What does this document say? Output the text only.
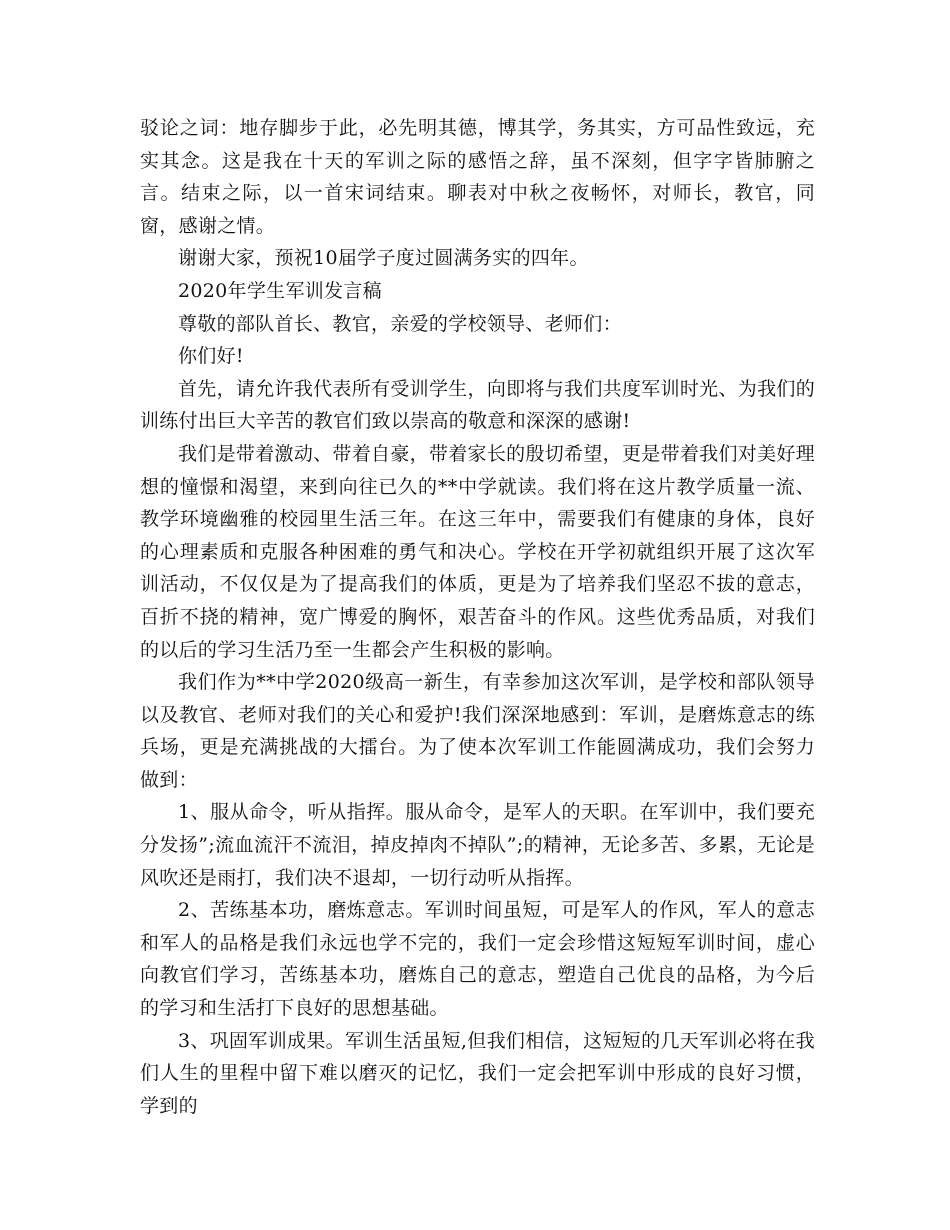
驳论之词：地存脚步于此，必先明其德，博其学，务其实，方可品性致远，充实其念。这是我在十天的军训之际的感悟之辞，虽不深刻，但字字皆肺腑之言。结束之际，以一首宋词结束。聊表对中秋之夜畅怀，对师长，教官，同窗，感谢之情。

谢谢大家，预祝10届学子度过圆满务实的四年。

2020年学生军训发言稿

尊敬的部队首长、教官，亲爱的学校领导、老师们：

你们好!

首先，请允许我代表所有受训学生，向即将与我们共度军训时光、为我们的训练付出巨大辛苦的教官们致以崇高的敬意和深深的感谢!

我们是带着激动、带着自豪，带着家长的殷切希望，更是带着我们对美好理想的憧憬和渴望，来到向往已久的**中学就读。我们将在这片教学质量一流、教学环境幽雅的校园里生活三年。在这三年中，需要我们有健康的身体，良好的心理素质和克服各种困难的勇气和决心。学校在开学初就组织开展了这次军训活动，不仅仅是为了提高我们的体质，更是为了培养我们坚忍不拔的意志，百折不挠的精神，宽广博爱的胸怀，艰苦奋斗的作风。这些优秀品质，对我们的以后的学习生活乃至一生都会产生积极的影响。

我们作为**中学2020级高一新生，有幸参加这次军训，是学校和部队领导以及教官、老师对我们的关心和爱护!我们深深地感到：军训，是磨炼意志的练兵场，更是充满挑战的大擂台。为了使本次军训工作能圆满成功，我们会努力做到：

1、服从命令，听从指挥。服从命令，是军人的天职。在军训中，我们要充分发扬”;流血流汗不流泪，掉皮掉肉不掉队”;的精神，无论多苦、多累，无论是风吹还是雨打，我们决不退却，一切行动听从指挥。

2、苦练基本功，磨炼意志。军训时间虽短，可是军人的作风，军人的意志和军人的品格是我们永远也学不完的，我们一定会珍惜这短短军训时间，虚心向教官们学习，苦练基本功，磨炼自己的意志，塑造自己优良的品格，为今后的学习和生活打下良好的思想基础。

3、巩固军训成果。军训生活虽短,但我们相信，这短短的几天军训必将在我们人生的里程中留下难以磨灭的记忆，我们一定会把军训中形成的良好习惯，学到的
